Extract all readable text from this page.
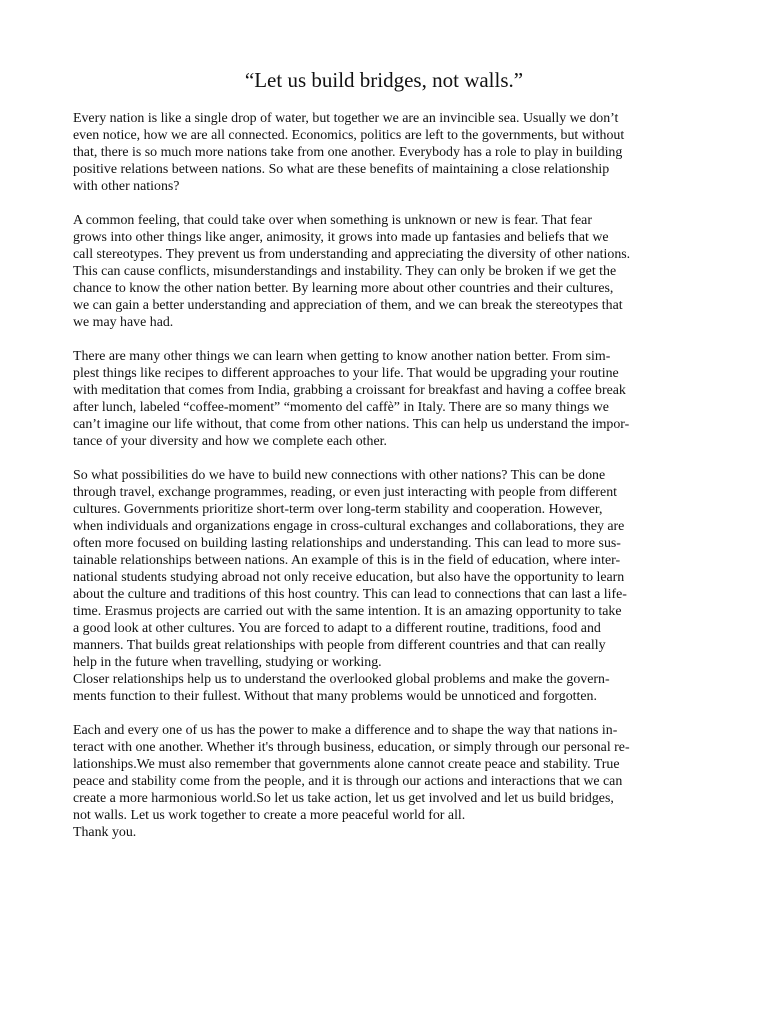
“Let us build bridges, not walls.”
Every nation is like a single drop of water, but together we are an invincible sea. Usually we don’t
even notice, how we are all connected. Economics, politics are left to the governments, but without
that, there is so much more nations take from one another. Everybody has a role to play in building
positive relations between nations. So what are these benefits of maintaining a close relationship
with other nations?
A common feeling, that could take over when something is unknown or new is fear. That fear
grows into other things like anger, animosity, it grows into made up fantasies and beliefs that we
call stereotypes. They prevent us from understanding and appreciating the diversity of other nations.
This can cause conflicts, misunderstandings and instability. They can only be broken if we get the
chance to know the other nation better. By learning more about other countries and their cultures,
we can gain a better understanding and appreciation of them, and we can break the stereotypes that
we may have had.
There are many other things we can learn when getting to know another nation better. From sim-
plest things like recipes to different approaches to your life. That would be upgrading your routine
with meditation that comes from India, grabbing a croissant for breakfast and having a coffee break
after lunch, labeled “coffee-moment” “momento del caffè” in Italy. There are so many things we
can’t imagine our life without, that come from other nations. This can help us understand the impor-
tance of your diversity and how we complete each other.
So what possibilities do we have to build new connections with other nations? This can be done
through travel, exchange programmes, reading, or even just interacting with people from different
cultures. Governments prioritize short-term over long-term stability and cooperation. However,
when individuals and organizations engage in cross-cultural exchanges and collaborations, they are
often more focused on building lasting relationships and understanding. This can lead to more sus-
tainable relationships between nations. An example of this is in the field of education, where inter-
national students studying abroad not only receive education, but also have the opportunity to learn
about the culture and traditions of this host country. This can lead to connections that can last a life-
time. Erasmus projects are carried out with the same intention. It is an amazing opportunity to take
a good look at other cultures. You are forced to adapt to a different routine, traditions, food and
manners. That builds great relationships with people from different countries and that can really
help in the future when travelling, studying or working.
Closer relationships help us to understand the overlooked global problems and make the govern-
ments function to their fullest. Without that many problems would be unnoticed and forgotten.
Each and every one of us has the power to make a difference and to shape the way that nations in-
teract with one another. Whether it's through business, education, or simply through our personal re-
lationships.We must also remember that governments alone cannot create peace and stability. True
peace and stability come from the people, and it is through our actions and interactions that we can
create a more harmonious world.So let us take action, let us get involved and let us build bridges,
not walls. Let us work together to create a more peaceful world for all.
Thank you.
